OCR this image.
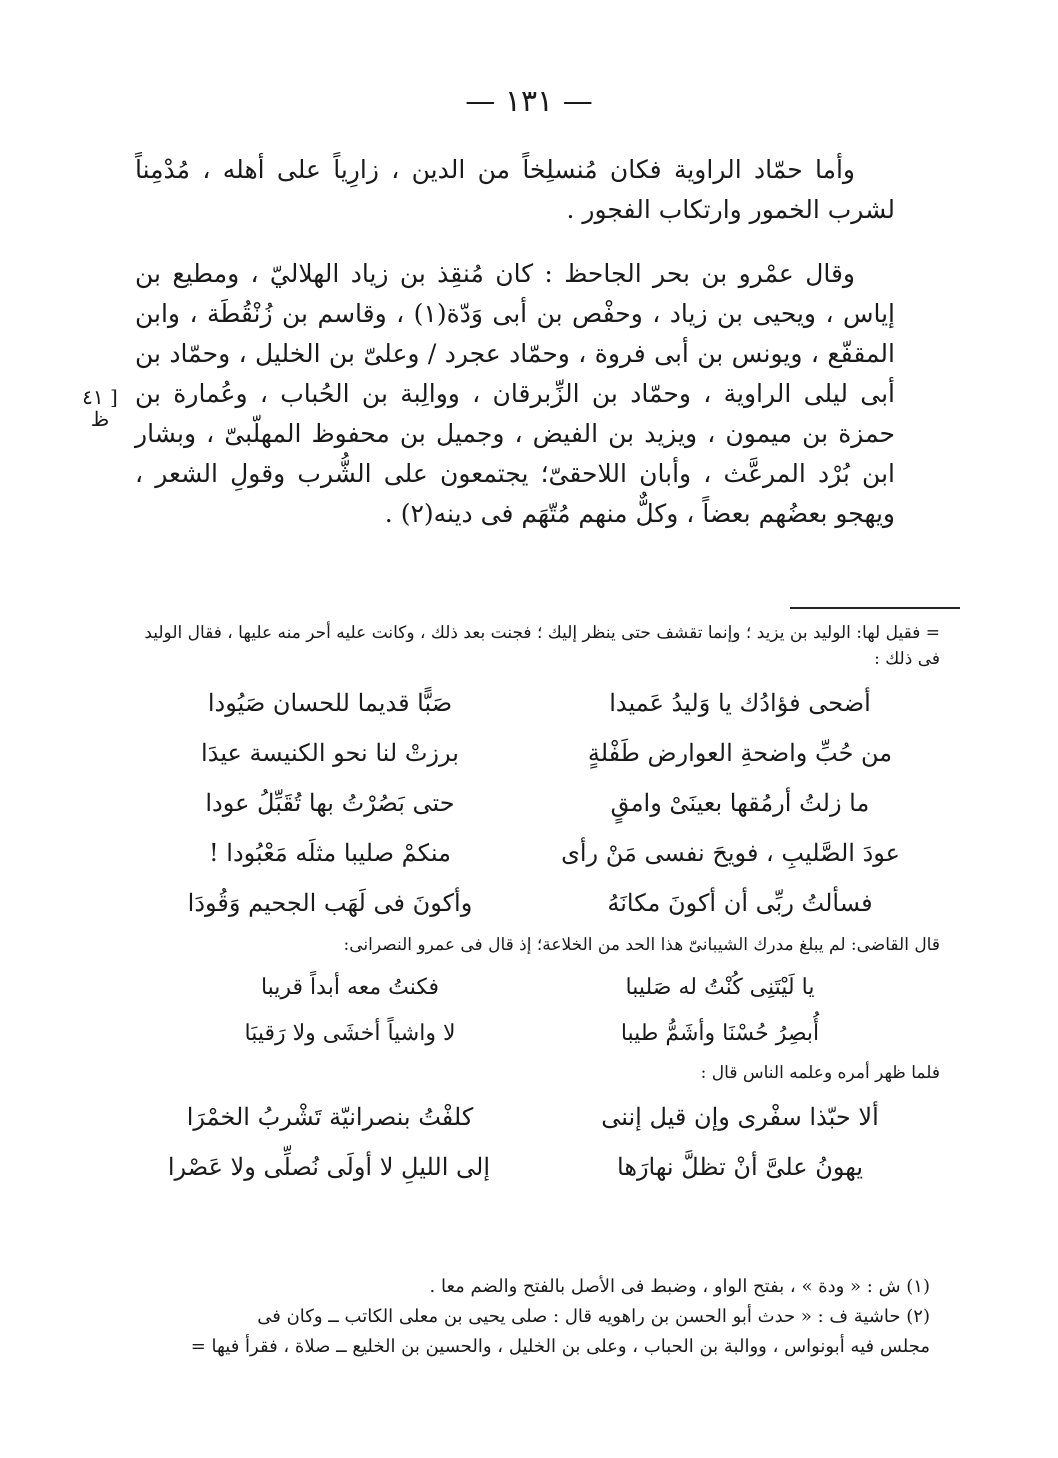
— ١٣١ —

وأما حمّاد الراوية فكان مُنسلِخاً من الدين ، زارِياً على أهله ، مُدْمِناً لشرب الخمور وارتكاب الفجور .

وقال عمْرو بن بحر الجاحظ : كان مُنقِذ بن زياد الهلاليّ ، ومطيع بن إياس ، ويحيى بن زياد ، وحفْص بن أبى وَدّة(١) ، وقاسم بن زُنْقُطَة ، وابن المقفّع ، ويونس بن أبى فروة ، وحمّاد عجرد / وعلىّ بن الخليل ، وحمّاد بن أبى ليلى الراوية ، وحمّاد بن الزِّبرقان ، ووالِبة بن الحُباب ، وعُمارة بن حمزة بن ميمون ، ويزيد بن الفيض ، وجميل بن محفوظ المهلّبىّ ، وبشار ابن بُرْد المرعَّث ، وأبان اللاحقىّ؛ يجتمعون على الشُّرب وقولِ الشعر ، ويهجو بعضُهم بعضاً ، وكلٌّ منهم مُتّهَم فى دينه(٢) .

[ ٤١
ظ

= فقيل لها: الوليد بن يزيد ؛ وإنما تقشف حتى ينظر إليك ؛ فجنت بعد ذلك ، وكانت عليه أحر منه عليها ، فقال الوليد فى ذلك :

أضحى فؤادُك يا وَليدُ عَميدا
صَبًّا قديما للحسان صَيُودا
من حُبِّ واضحةِ العوارض طَفْلةٍ
برزتْ لنا نحو الكنيسة عيدَا
ما زلتُ أرمُقها بعينَىْ وامقٍ
حتى بَصُرْتُ بها تُقَبِّلُ عودا
عودَ الصَّليبِ ، فويحَ نفسى مَنْ رأى
منكمْ صليبا مثلَه مَعْبُودا !
فسألتُ ربِّى أن أكونَ مكانَهُ
وأكونَ فى لَهَب الجحيم وَقُودَا

قال القاضى: لم يبلغ مدرك الشيبانىّ هذا الحد من الخلاعة؛ إذ قال فى عمرو النصرانى:

يا لَيْتَنِى كُنْتُ له صَليبا
فكنتُ معه أبداً قريبا
أُبصِرُ حُسْنَا وأشَمُّ طيبا
لا واشياً أخشَى ولا رَقيبَا

فلما ظهر أمره وعلمه الناس قال :

ألا حبّذا سفْرى وإن قيل إننى
كلفْتُ بنصرانيّة تَشْربُ الخمْرَا
يهونُ علىَّ أنْ تظلَّ نهارَها
إلى الليلِ لا أولَى نُصلِّى ولا عَصْرا
(١) ش : « ودة » ، بفتح الواو ، وضبط فى الأصل بالفتح والضم معا .
(٢) حاشية ف : « حدث أبو الحسن بن راهويه قال : صلى يحيى بن معلى الكاتب ــ وكان فى
مجلس فيه أبونواس ، ووالبة بن الحباب ، وعلى بن الخليل ، والحسين بن الخليع ــ صلاة ، فقرأ فيها =
